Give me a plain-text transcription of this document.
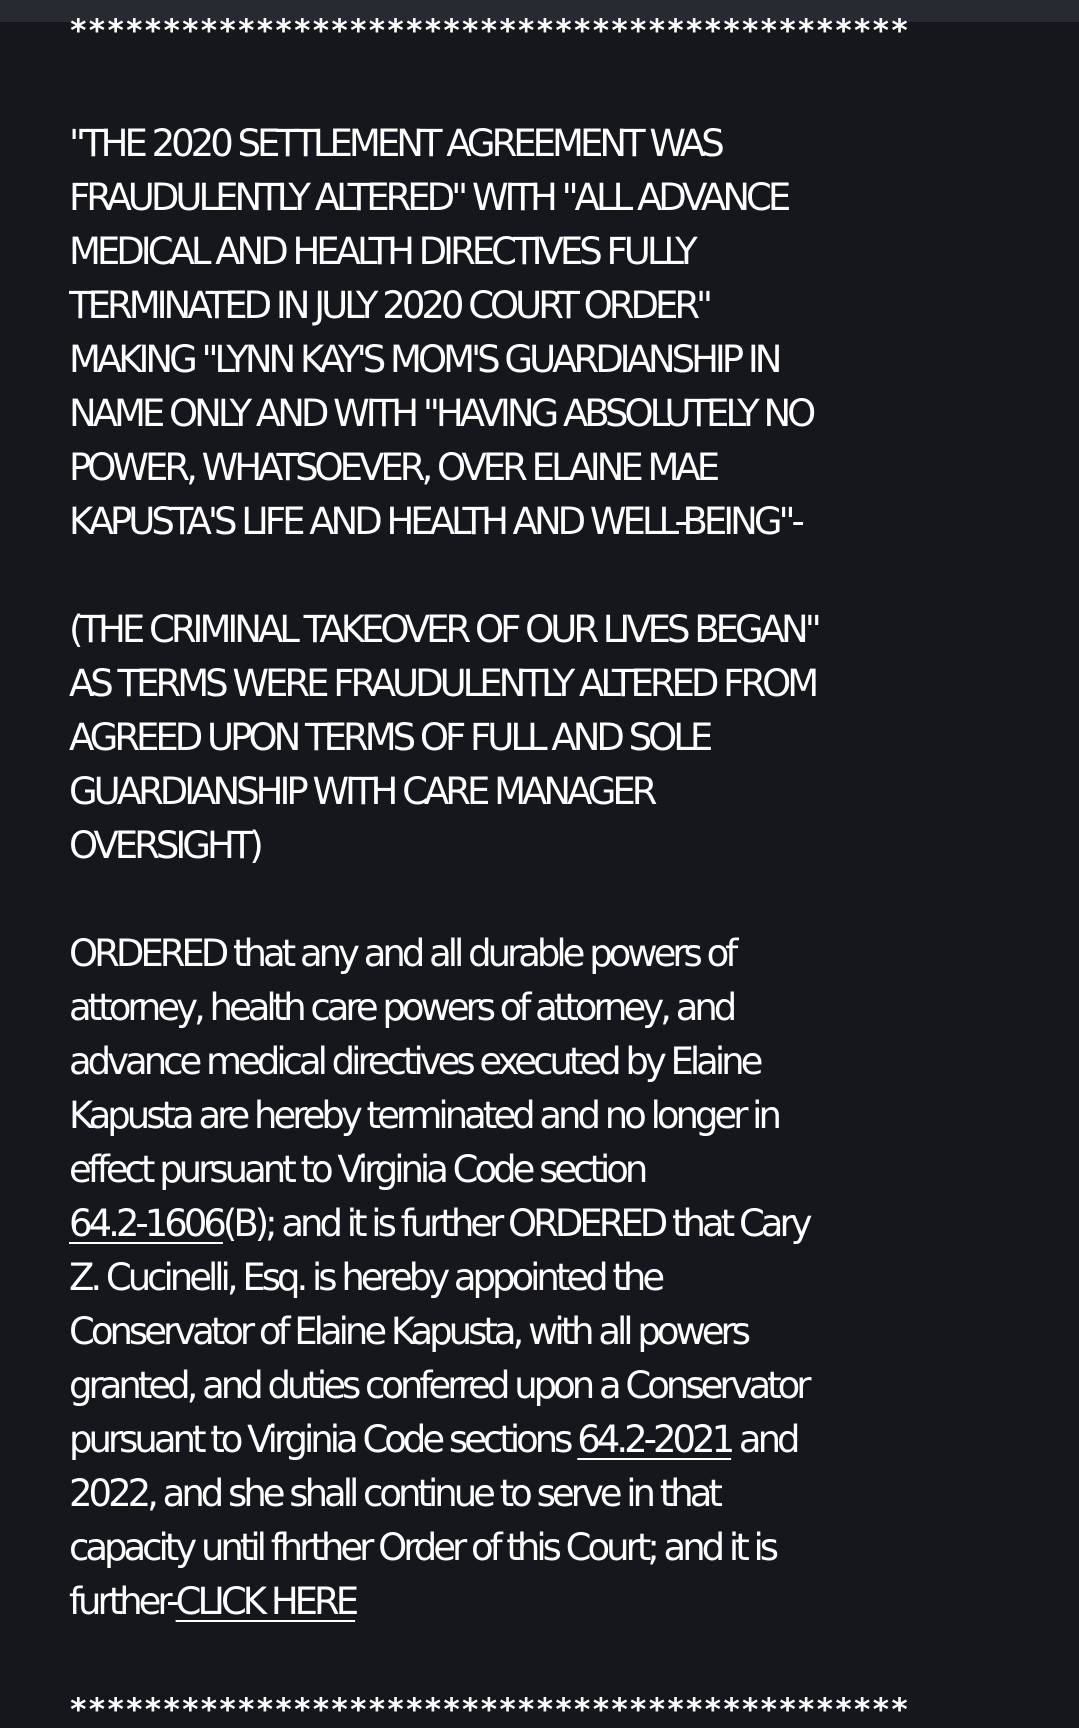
*********************************************

"THE 2020 SETTLEMENT AGREEMENT WAS
FRAUDULENTLY ALTERED" WITH "ALL ADVANCE
MEDICAL AND HEALTH DIRECTIVES FULLY
TERMINATED IN JULY 2020 COURT ORDER"
MAKING "LYNN KAY'S MOM'S GUARDIANSHIP IN
NAME ONLY AND WITH "HAVING ABSOLUTELY NO
POWER, WHATSOEVER, OVER ELAINE MAE
KAPUSTA'S LIFE AND HEALTH AND WELL-BEING"-

(THE CRIMINAL TAKEOVER OF OUR LIVES BEGAN"
AS TERMS WERE FRAUDULENTLY ALTERED FROM
AGREED UPON TERMS OF FULL AND SOLE
GUARDIANSHIP WITH CARE MANAGER
OVERSIGHT)

ORDERED that any and all durable powers of
attorney, health care powers of attorney, and
advance medical directives executed by Elaine
Kapusta are hereby terminated and no longer in
effect pursuant to Virginia Code section
64.2-1606(B); and it is further ORDERED that Cary
Z. Cucinelli, Esq. is hereby appointed the
Conservator of Elaine Kapusta, with all powers
granted, and duties conferred upon a Conservator
pursuant to Virginia Code sections 64.2-2021 and
2022, and she shall continue to serve in that
capacity until fhrther Order of this Court; and it is
further-CLICK HERE

*********************************************
